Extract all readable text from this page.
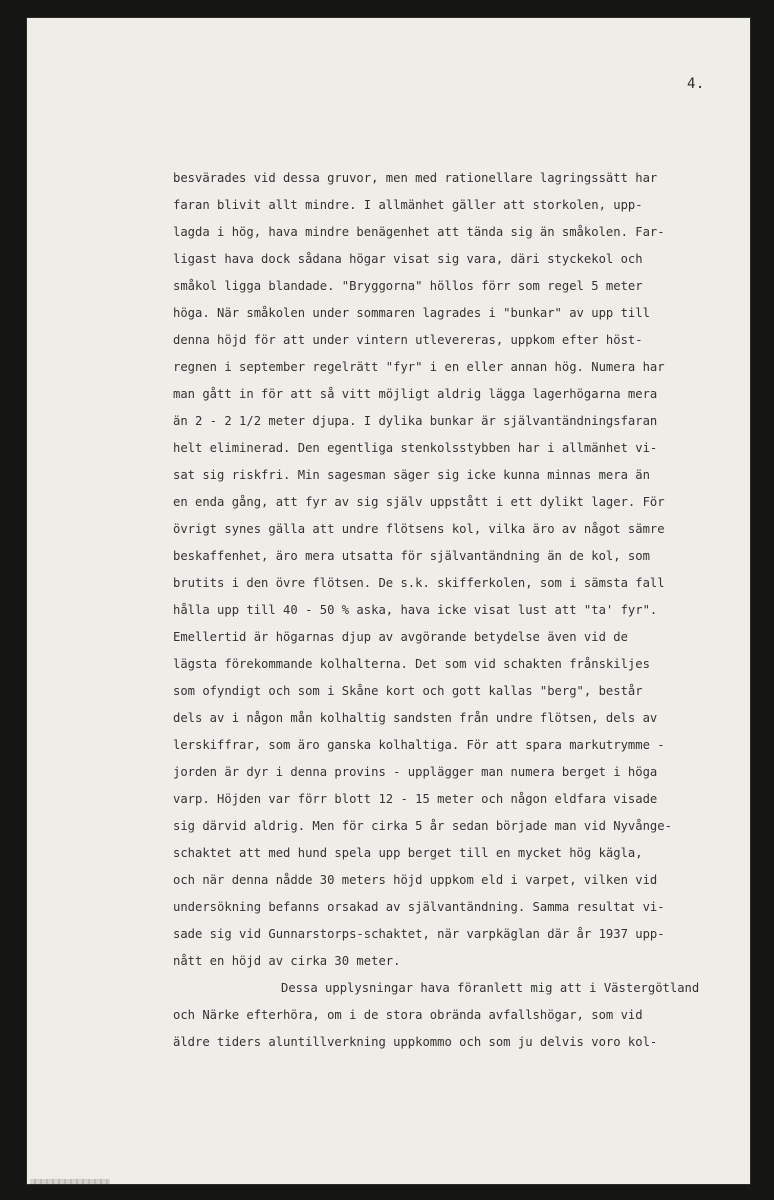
4.
besvärades vid dessa gruvor, men med rationellare lagringssätt har
faran blivit allt mindre. I allmänhet gäller att storkolen, upp-
lagda i hög, hava mindre benägenhet att tända sig än småkolen. Far-
ligast hava dock sådana högar visat sig vara, däri styckekol och
småkol ligga blandade. "Bryggorna" höllos förr som regel 5 meter
höga. När småkolen under sommaren lagrades i "bunkar" av upp till
denna höjd för att under vintern utlevereras, uppkom efter höst-
regnen i september regelrätt "fyr" i en eller annan hög. Numera har
man gått in för att så vitt möjligt aldrig lägga lagerhögarna mera
än 2 - 2 1/2 meter djupa. I dylika bunkar är självantändningsfaran
helt eliminerad. Den egentliga stenkolsstybben har i allmänhet vi-
sat sig riskfri. Min sagesman säger sig icke kunna minnas mera än
en enda gång, att fyr av sig själv uppstått i ett dylikt lager. För
övrigt synes gälla att undre flötsens kol, vilka äro av något sämre
beskaffenhet, äro mera utsatta för självantändning än de kol, som
brutits i den övre flötsen. De s.k. skifferkolen, som i sämsta fall
hålla upp till 40 - 50 % aska, hava icke visat lust att "ta' fyr".
Emellertid är högarnas djup av avgörande betydelse även vid de
lägsta förekommande kolhalterna. Det som vid schakten frånskiljes
som ofyndigt och som i Skåne kort och gott kallas "berg", består
dels av i någon mån kolhaltig sandsten från undre flötsen, dels av
lerskiffrar, som äro ganska kolhaltiga. För att spara markutrymme -
jorden är dyr i denna provins - upplägger man numera berget i höga
varp. Höjden var förr blott 12 - 15 meter och någon eldfara visade
sig därvid aldrig. Men för cirka 5 år sedan började man vid Nyvånge-
schaktet att med hund spela upp berget till en mycket hög kägla,
och när denna nådde 30 meters höjd uppkom eld i varpet, vilken vid
undersökning befanns orsakad av självantändning. Samma resultat vi-
sade sig vid Gunnarstorps-schaktet, när varpkäglan där år 1937 upp-
nått en höjd av cirka 30 meter.
Dessa upplysningar hava föranlett mig att i Västergötland
och Närke efterhöra, om i de stora obrända avfallshögar, som vid
äldre tiders aluntillverkning uppkommo och som ju delvis voro kol-
